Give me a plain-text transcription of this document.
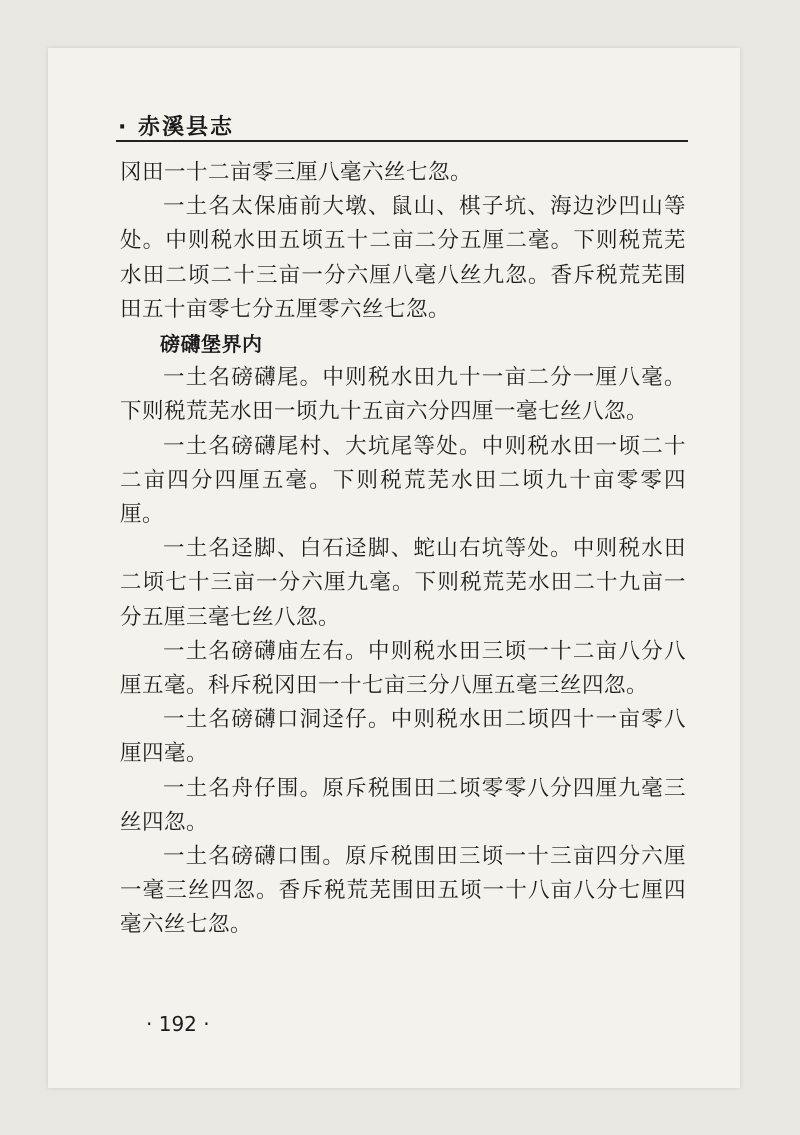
· 赤溪县志

冈田一十二亩零三厘八毫六丝七忽。

一土名太保庙前大墩、鼠山、棋子坑、海边沙凹山等处。中则税水田五顷五十二亩二分五厘二毫。下则税荒芜水田二顷二十三亩一分六厘八毫八丝九忽。香斥税荒芜围田五十亩零七分五厘零六丝七忽。

磅礴堡界内

一土名磅礴尾。中则税水田九十一亩二分一厘八毫。下则税荒芜水田一顷九十五亩六分四厘一毫七丝八忽。

一土名磅礴尾村、大坑尾等处。中则税水田一顷二十二亩四分四厘五毫。下则税荒芜水田二顷九十亩零零四厘。

一土名迳脚、白石迳脚、蛇山右坑等处。中则税水田二顷七十三亩一分六厘九毫。下则税荒芜水田二十九亩一分五厘三毫七丝八忽。

一土名磅礴庙左右。中则税水田三顷一十二亩八分八厘五毫。科斥税冈田一十七亩三分八厘五毫三丝四忽。

一土名磅礴口洞迳仔。中则税水田二顷四十一亩零八厘四毫。

一土名舟仔围。原斥税围田二顷零零八分四厘九毫三丝四忽。

一土名磅礴口围。原斥税围田三顷一十三亩四分六厘一毫三丝四忽。香斥税荒芜围田五顷一十八亩八分七厘四毫六丝七忽。

· 192 ·
